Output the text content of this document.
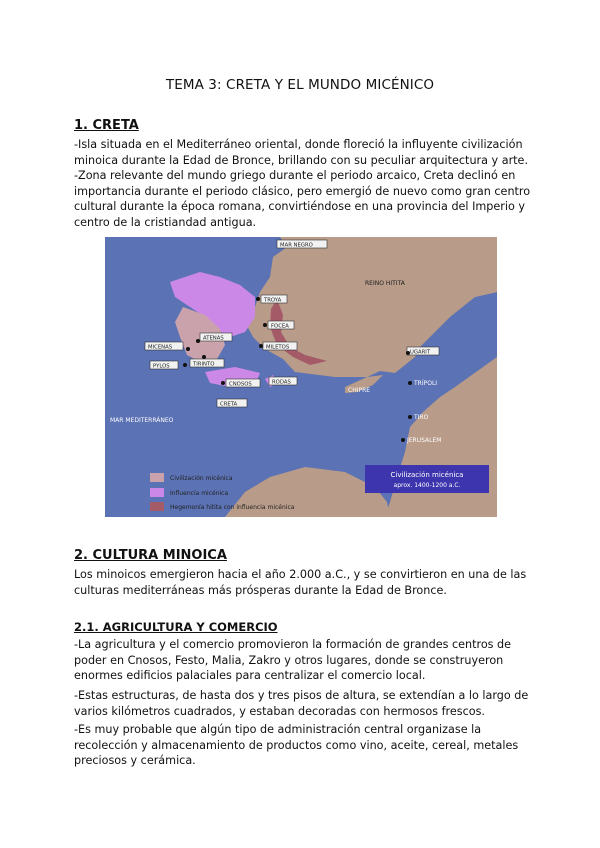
TEMA 3: CRETA Y EL MUNDO MICÉNICO
1. CRETA

-Isla situada en el Mediterráneo oriental, donde floreció la influyente civilización

minoica durante la Edad de Bronce, brillando con su peculiar arquitectura y arte.

-Zona relevante del mundo griego durante el periodo arcaico, Creta declinó en

importancia durante el periodo clásico, pero emergió de nuevo como gran centro

cultural durante la época romana, convirtiéndose en una provincia del Imperio y

centro de la cristiandad antigua.

MAR NEGRO
MAR MEDITERRÁNEO
REINO HITITA
TROYA
FOCEA
MILETOS
MICENAS
ATENAS
PYLOS	TIRINTO
CNOSOS	RODAS
CRETA
UGARIT
CHIPRE
TRÍPOLI
TIRO
JERUSALEM
Civilización micénica
Influencia micénica
Hegemonía hitita con influencia micénica
Civilización micénica
aprox. 1400-1200 a.C.
2. CULTURA MINOICA

Los minoicos emergieron hacia el año 2.000 a.C., y se convirtieron en una de las

culturas mediterráneas más prósperas durante la Edad de Bronce.

2.1. AGRICULTURA Y COMERCIO

-La agricultura y el comercio promovieron la formación de grandes centros de

poder en Cnosos, Festo, Malia, Zakro y otros lugares, donde se construyeron

enormes edificios palaciales para centralizar el comercio local.

-Estas estructuras, de hasta dos y tres pisos de altura, se extendían a lo largo de

varios kilómetros cuadrados, y estaban decoradas con hermosos frescos.

-Es muy probable que algún tipo de administración central organizase la

recolección y almacenamiento de productos como vino, aceite, cereal, metales

preciosos y cerámica.
